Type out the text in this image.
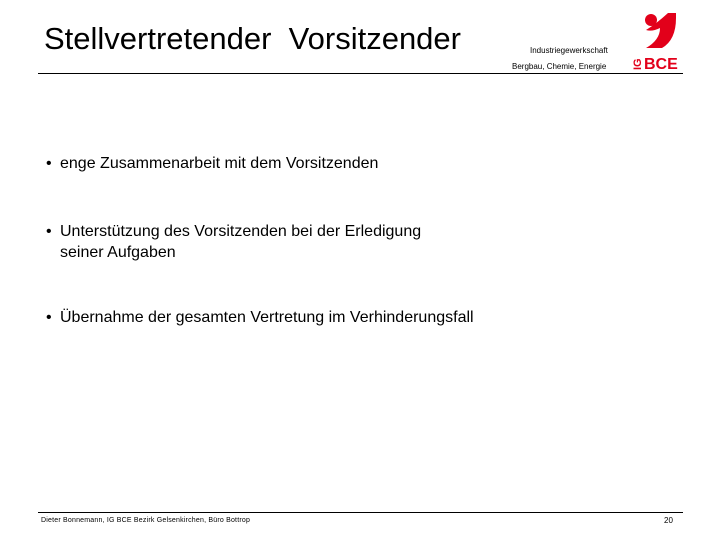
Stellvertretender  Vorsitzender	Industriegewerkschaft
Bergbau, Chemie, Energie IG BCE
• enge Zusammenarbeit mit dem Vorsitzenden
• Unterstützung des Vorsitzenden bei der Erledigung
seiner Aufgaben
• Übernahme der gesamten Vertretung im Verhinderungsfall
Dieter Bonnemann, IG BCE Bezirk Gelsenkirchen, Büro Bottrop	20
